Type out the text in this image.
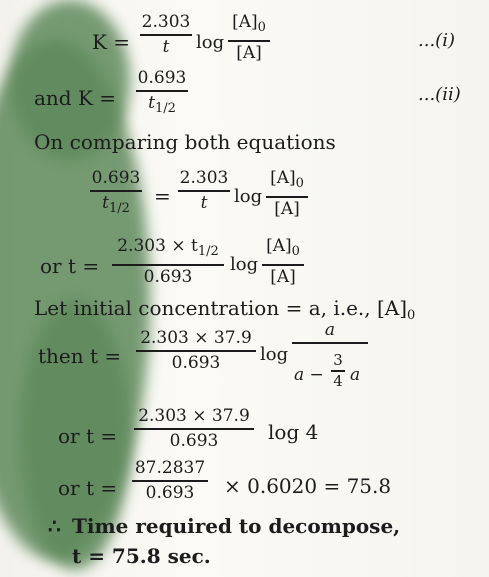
K =
2.303
t	log
$[A]_0$
[A]
...(i)
and K =
0.693
$t_{1/2}$
...(ii)
On comparing both equations
0.693
$t_{1/2}$	=
2.303
t	log
$[A]_0$
[A]
or t =
$2.303 \times t_{1/2}$
0.693
log
$[A]_0$
[A]
Let initial concentration = a, i.e., $[A]_0$
then t =
2.303 × 37.9
0.693	log
a
a −
3
4 a
or t =
2.303 × 37.9
0.693	log 4
or t =
87.2837
0.693	× 0.6020 = 75.8
∴ Time required to decompose,
t = 75.8 sec.
